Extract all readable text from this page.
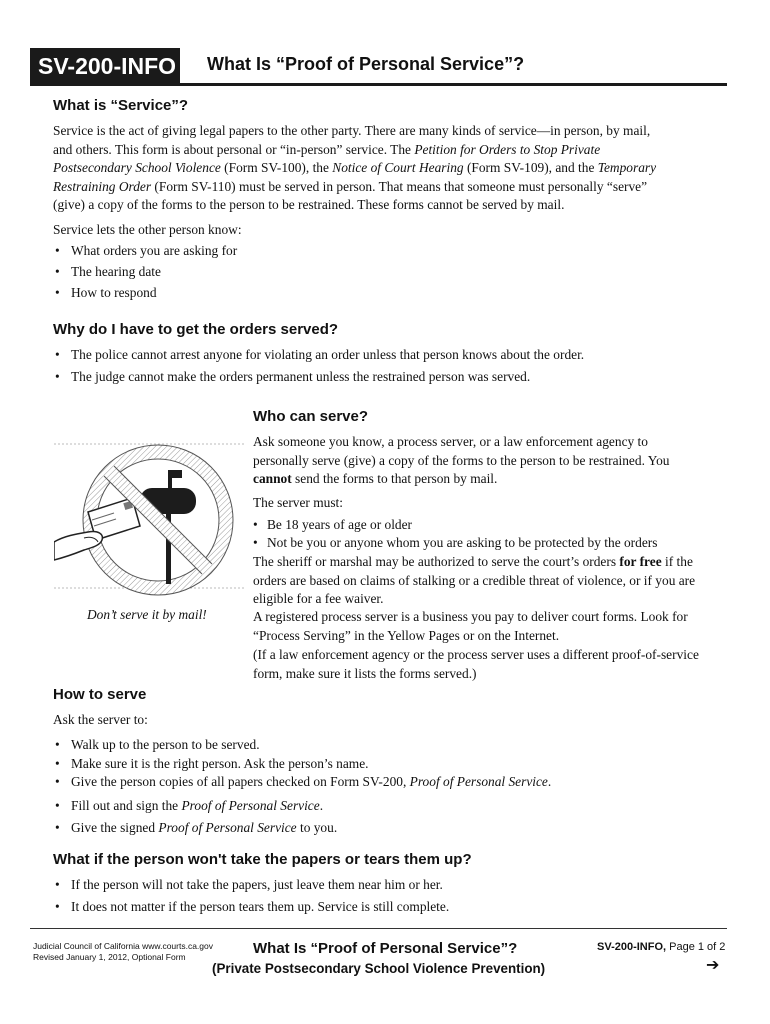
SV-200-INFO What Is “Proof of Personal Service”?
What is “Service”?
Service is the act of giving legal papers to the other party. There are many kinds of service—in person, by mail,
and others. This form is about personal or “in-person” service. The Petition for Orders to Stop Private
Postsecondary School Violence (Form SV-100), the Notice of Court Hearing (Form SV-109), and the Temporary
Restraining Order (Form SV-110) must be served in person. That means that someone must personally “serve”
(give) a copy of the forms to the person to be restrained. These forms cannot be served by mail.
Service lets the other person know:
• What orders you are asking for
• The hearing date
• How to respond
Why do I have to get the orders served?
• The police cannot arrest anyone for violating an order unless that person knows about the order.
• The judge cannot make the orders permanent unless the restrained person was served.
Don’t serve it by mail!
Who can serve?
Ask someone you know, a process server, or a law enforcement agency to
personally serve (give) a copy of the forms to the person to be restrained. You
cannot send the forms to that person by mail.
The server must:
• Be 18 years of age or older
• Not be you or anyone whom you are asking to be protected by the orders
The sheriff or marshal may be authorized to serve the court’s orders for free if the
orders are based on claims of stalking or a credible threat of violence, or if you are
eligible for a fee waiver.
A registered process server is a business you pay to deliver court forms. Look for
“Process Serving” in the Yellow Pages or on the Internet.
(If a law enforcement agency or the process server uses a different proof-of-service
form, make sure it lists the forms served.)
How to serve
Ask the server to:
• Walk up to the person to be served.
• Make sure it is the right person. Ask the person’s name.
• Give the person copies of all papers checked on Form SV-200, Proof of Personal Service.
• Fill out and sign the Proof of Personal Service.
• Give the signed Proof of Personal Service to you.
What if the person won't take the papers or tears them up?
• If the person will not take the papers, just leave them near him or her.
• It does not matter if the person tears them up. Service is still complete.
Judicial Council of California www.courts.ca.gov
Revised January 1, 2012, Optional Form	What Is “Proof of Personal Service”?
(Private Postsecondary School Violence Prevention)
SV-200-INFO, Page 1 of 2
➔
